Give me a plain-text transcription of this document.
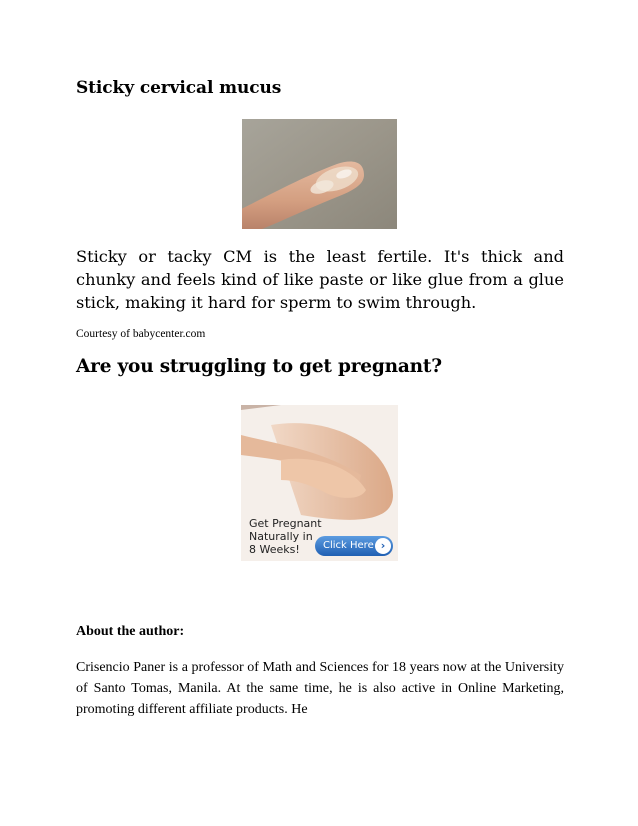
Sticky cervical mucus
Sticky or tacky CM is the least fertile. It's thick and chunky and feels kind of like paste or like glue from a glue stick, making it hard for sperm to swim through.
Courtesy of babycenter.com
Are you struggling to get pregnant?
Get Pregnant
Naturally in
8 Weeks!	Click Here ›
About the author:
Crisencio Paner is a professor of Math and Sciences for 18 years now at the University of Santo Tomas, Manila. At the same time, he is also active in Online Marketing, promoting different affiliate products. He
